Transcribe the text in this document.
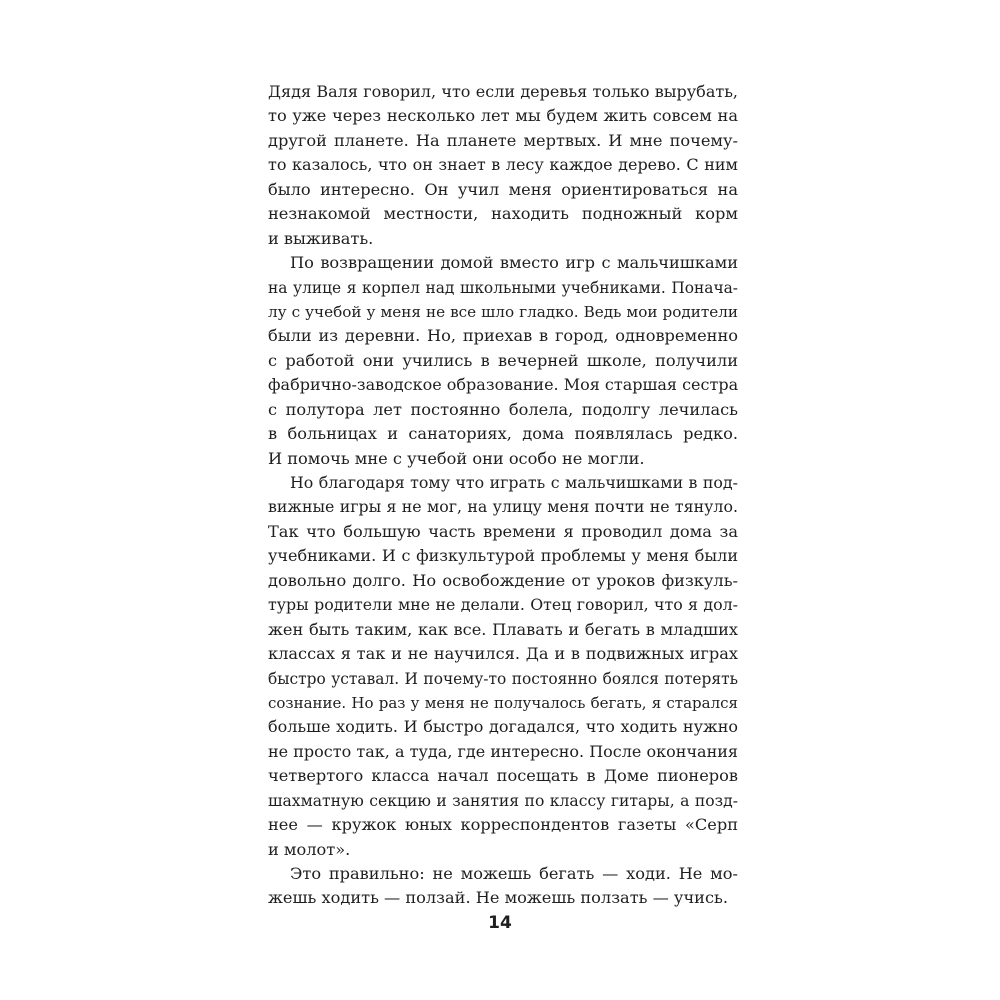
Дядя Валя говорил, что если деревья только вырубать,
то уже через несколько лет мы будем жить совсем на
другой планете. На планете мертвых. И мне почему-
то казалось, что он знает в лесу каждое дерево. С ним
было интересно. Он учил меня ориентироваться на
незнакомой местности, находить подножный корм
и выживать.
По возвращении домой вместо игр с мальчишками
на улице я корпел над школьными учебниками. Понача-
лу с учебой у меня не все шло гладко. Ведь мои родители
были из деревни. Но, приехав в город, одновременно
с работой они учились в вечерней школе, получили
фабрично-заводское образование. Моя старшая сестра
с полутора лет постоянно болела, подолгу лечилась
в больницах и санаториях, дома появлялась редко.
И помочь мне с учебой они особо не могли.
Но благодаря тому что играть с мальчишками в под-
вижные игры я не мог, на улицу меня почти не тянуло.
Так что большую часть времени я проводил дома за
учебниками. И с физкультурой проблемы у меня были
довольно долго. Но освобождение от уроков физкуль-
туры родители мне не делали. Отец говорил, что я дол-
жен быть таким, как все. Плавать и бегать в младших
классах я так и не научился. Да и в подвижных играх
быстро уставал. И почему-то постоянно боялся потерять
сознание. Но раз у меня не получалось бегать, я старался
больше ходить. И быстро догадался, что ходить нужно
не просто так, а туда, где интересно. После окончания
четвертого класса начал посещать в Доме пионеров
шахматную секцию и занятия по классу гитары, а позд-
нее — кружок юных корреспондентов газеты «Серп
и молот».
Это правильно: не можешь бегать — ходи. Не мо-
жешь ходить — ползай. Не можешь ползать — учись.
14
